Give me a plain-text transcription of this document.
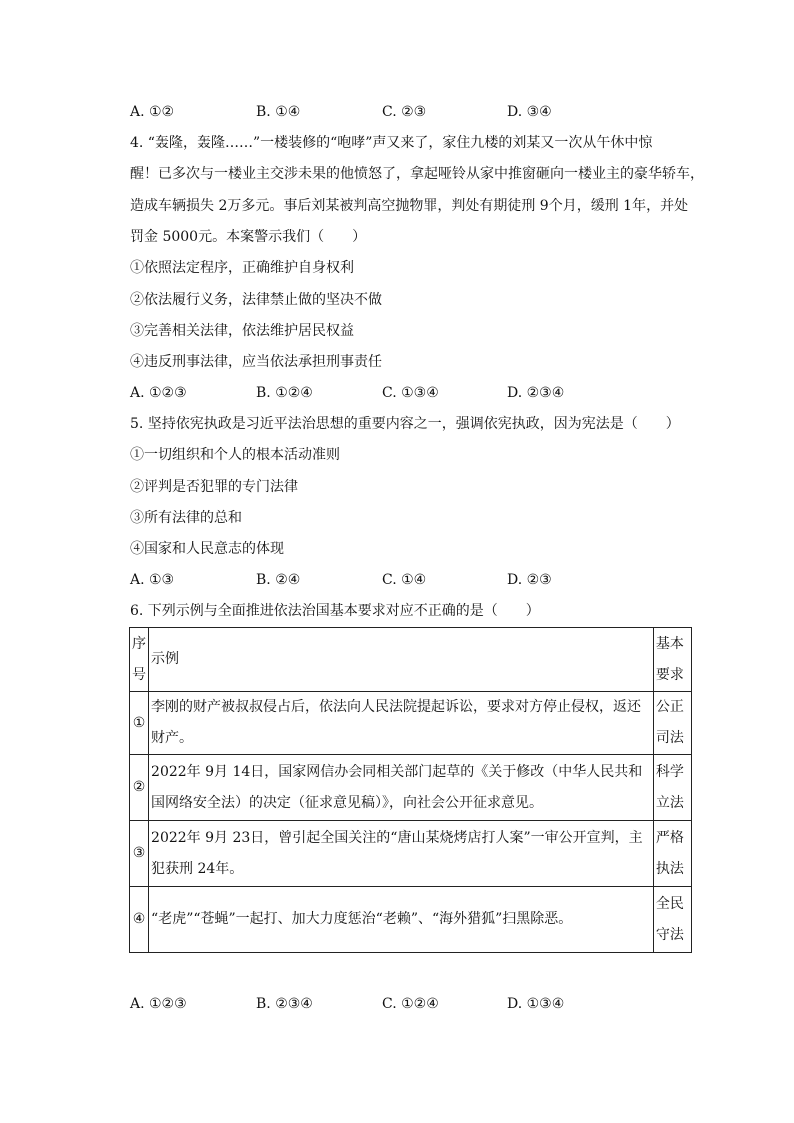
A. ①②	B. ①④	C. ②③	D. ③④
4. “轰隆，轰隆……”一楼装修的“咆哮”声又来了，家住九楼的刘某又一次从午休中惊
醒！已多次与一楼业主交涉未果的他愤怒了，拿起哑铃从家中推窗砸向一楼业主的豪华轿车，
造成车辆损失 2万多元。事后刘某被判高空抛物罪，判处有期徒刑 9个月，缓刑 1年，并处
罚金 5000元。本案警示我们（　　）
①依照法定程序，正确维护自身权利
②依法履行义务，法律禁止做的坚决不做
③完善相关法律，依法维护居民权益
④违反刑事法律，应当依法承担刑事责任
A. ①②③	B. ①②④	C. ①③④	D. ②③④
5. 坚持依宪执政是习近平法治思想的重要内容之一，强调依宪执政，因为宪法是（　　）
①一切组织和个人的根本活动准则
②评判是否犯罪的专门法律
③所有法律的总和
④国家和人民意志的体现
A. ①③	B. ②④	C. ①④	D. ②③
6. 下列示例与全面推进依法治国基本要求对应不正确的是（　　）
序号	示例	基本要求
①	李刚的财产被叔叔侵占后，依法向人民法院提起诉讼，要求对方停止侵权，返还财产。	公正司法
②	2022年 9月 14日，国家网信办会同相关部门起草的《关于修改（中华人民共和国网络安全法）的决定（征求意见稿）》，向社会公开征求意见。	科学立法
③	2022年 9月 23日，曾引起全国关注的“唐山某烧烤店打人案”一审公开宣判，主犯获刑 24年。	严格执法
④	“老虎”“苍蝇”一起打、加大力度惩治“老赖”、“海外猎狐”扫黑除恶。	全民守法
A. ①②③	B. ②③④	C. ①②④	D. ①③④
